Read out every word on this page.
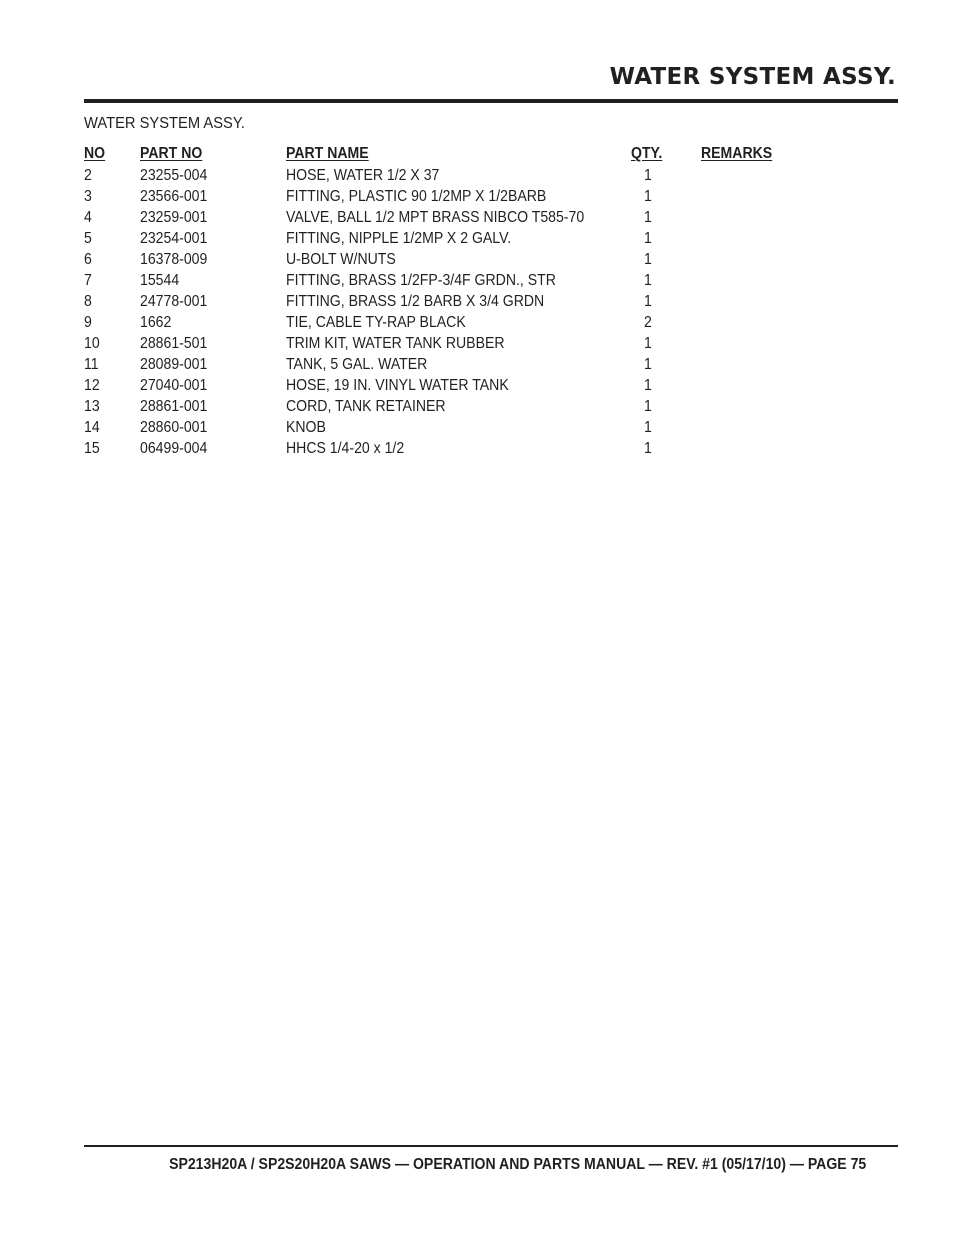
WATER SYSTEM ASSY.
WATER SYSTEM ASSY.
NO PART NO	PART NAME	QTY. REMARKS
2	23255-004	HOSE, WATER 1/2 X 37	1
3	23566-001	FITTING, PLASTIC 90 1/2MP X 1/2BARB	1
4	23259-001	VALVE, BALL 1/2 MPT BRASS NIBCO T585-70	1
5	23254-001	FITTING, NIPPLE 1/2MP X 2 GALV.	1
6	16378-009	U-BOLT W/NUTS	1
7	15544	FITTING, BRASS 1/2FP-3/4F GRDN., STR	1
8	24778-001	FITTING, BRASS 1/2 BARB X 3/4 GRDN	1
9	1662	TIE, CABLE TY-RAP BLACK	2
10	28861-501	TRIM KIT, WATER TANK RUBBER	1
11	28089-001	TANK, 5 GAL. WATER	1
12	27040-001	HOSE, 19 IN. VINYL WATER TANK	1
13	28861-001	CORD, TANK RETAINER	1
14	28860-001	KNOB	1
15	06499-004	HHCS 1/4-20 x 1/2	1
SP213H20A / SP2S20H20A SAWS — OPERATION AND PARTS MANUAL — REV. #1 (05/17/10) — PAGE 75
